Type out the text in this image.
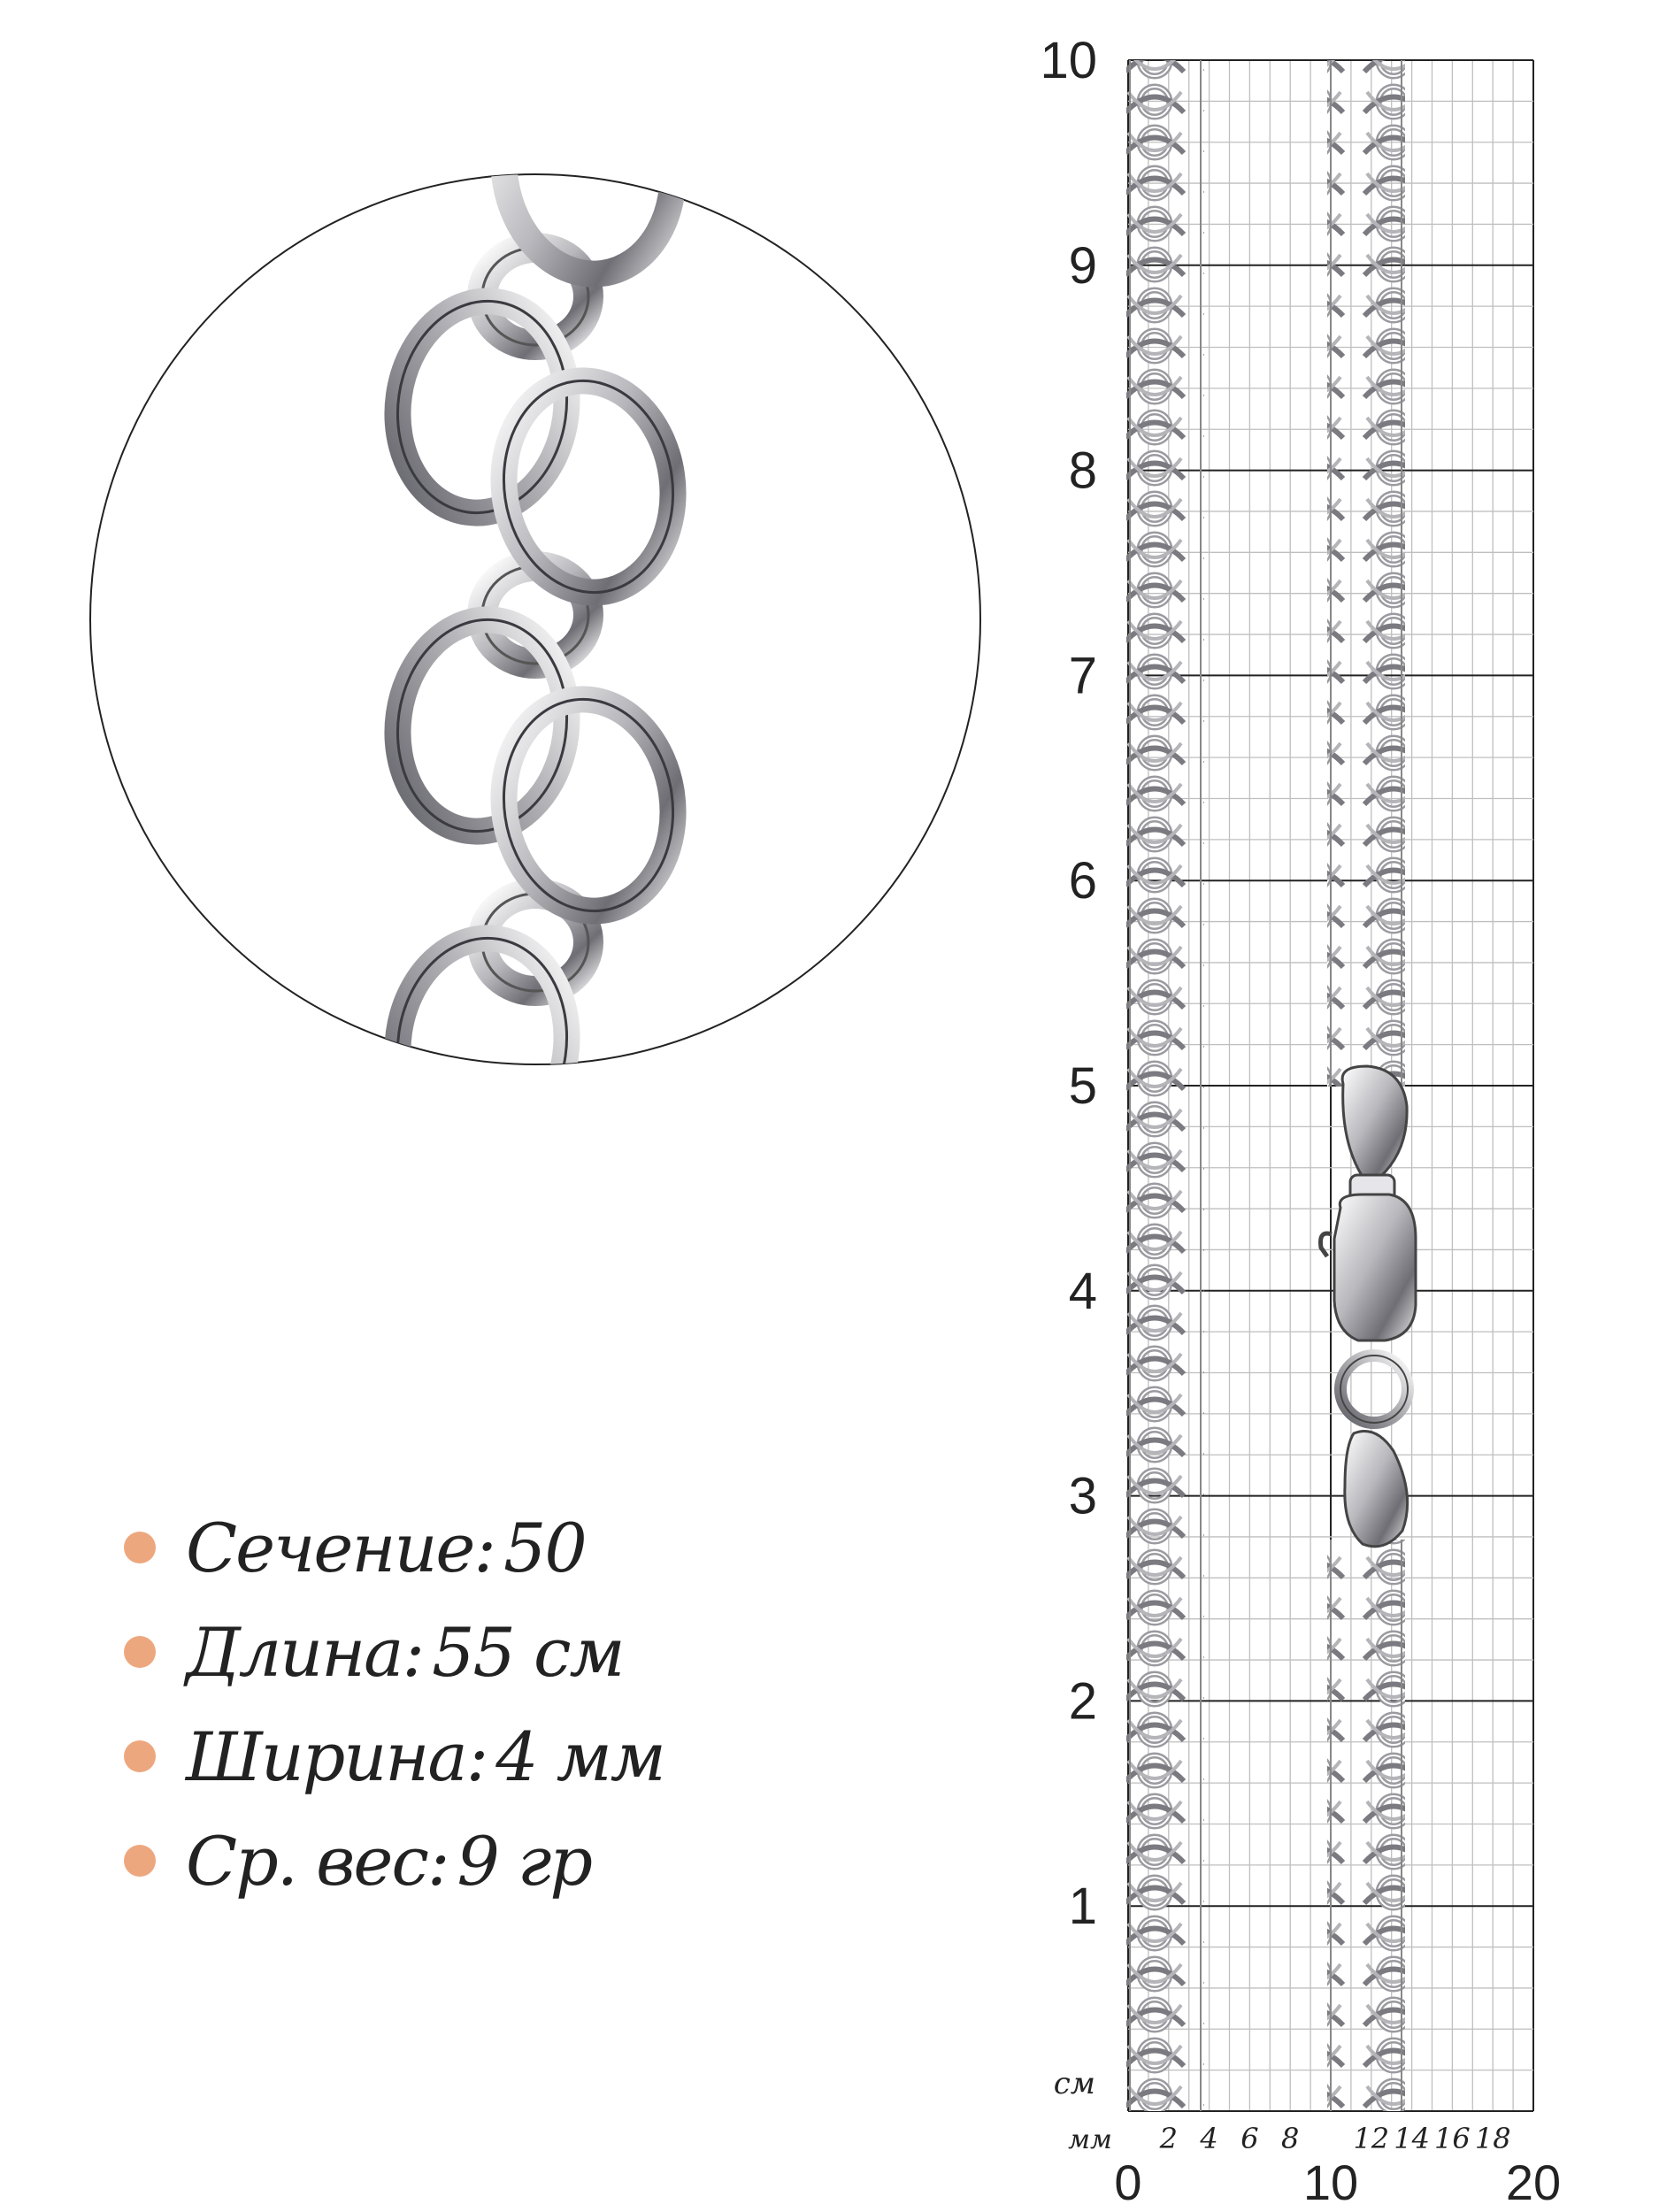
см
1
2
3
4
5
6
7
8
9
10
мм 2 4 6 8 12 14 16 18
0	10	20
Сечение: 50
Длина: 55 см
Ширина: 4 мм
Ср. вес: 9 гр
